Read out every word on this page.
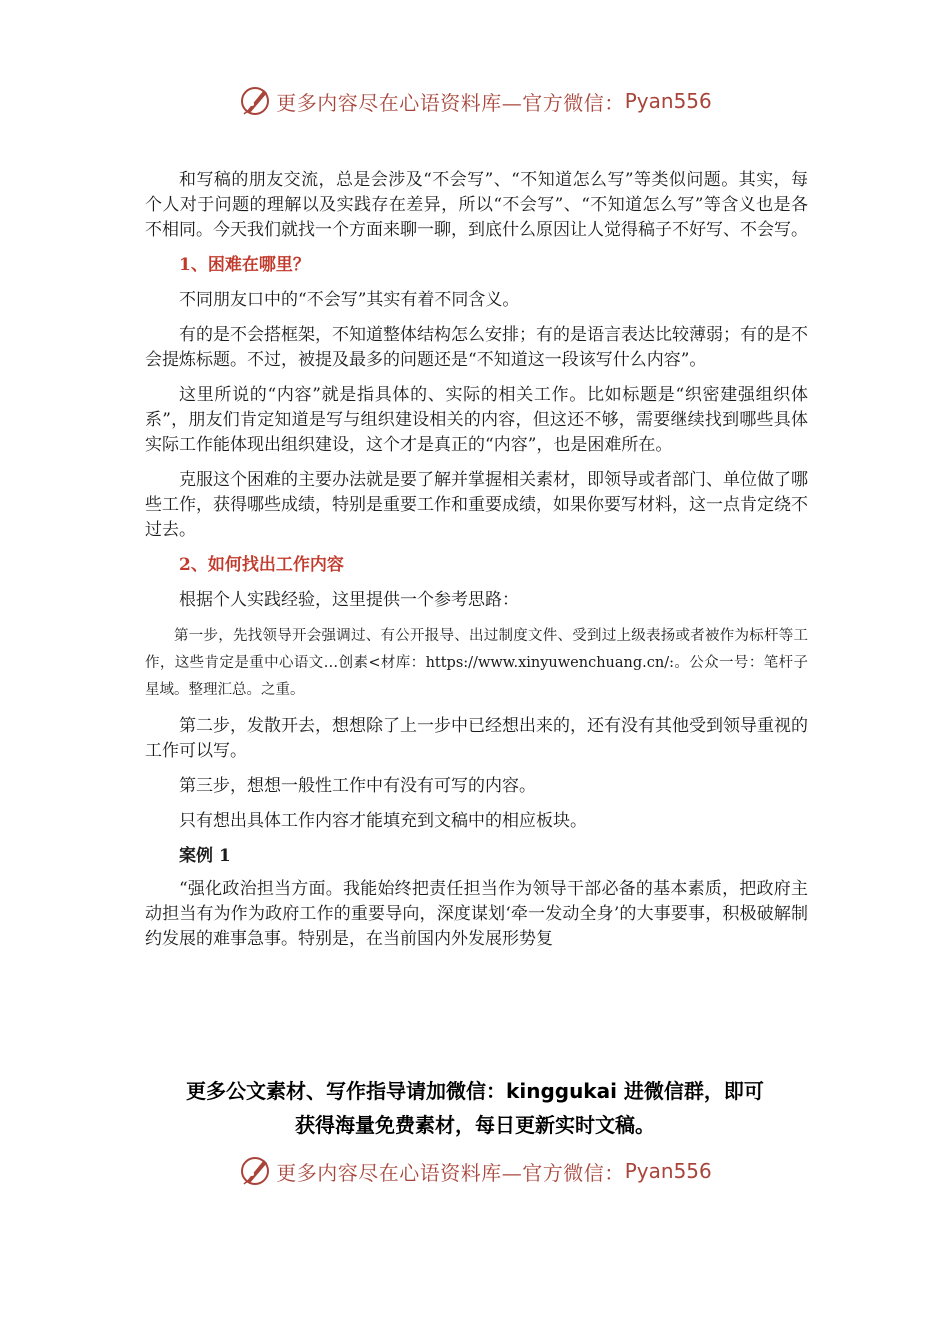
更多内容尽在心语资料库—官方微信： Pyan556

和写稿的朋友交流，总是会涉及“不会写”、“不知道怎么写”等类似问题。其实，每个人对于问题的理解以及实践存在差异，所以“不会写”、“不知道怎么写”等含义也是各不相同。今天我们就找一个方面来聊一聊，到底什么原因让人觉得稿子不好写、不会写。

1、困难在哪里？

不同朋友口中的“不会写”其实有着不同含义。

有的是不会搭框架，不知道整体结构怎么安排；有的是语言表达比较薄弱；有的是不会提炼标题。不过，被提及最多的问题还是“不知道这一段该写什么内容”。

这里所说的“内容”就是指具体的、实际的相关工作。比如标题是“织密建强组织体系”，朋友们肯定知道是写与组织建设相关的内容，但这还不够，需要继续找到哪些具体实际工作能体现出组织建设，这个才是真正的“内容”，也是困难所在。

克服这个困难的主要办法就是要了解并掌握相关素材，即领导或者部门、单位做了哪些工作，获得哪些成绩，特别是重要工作和重要成绩，如果你要写材料，这一点肯定绕不过去。

2、如何找出工作内容

根据个人实践经验，这里提供一个参考思路：

第一步，先找领导开会强调过、有公开报导、出过制度文件、受到过上级表扬或者被作为标杆等工作，这些肯定是重中心语文…创素<材库：https://www.xinyuwenchuang.cn/:。公众一号：笔杆子星域。整理汇总。之重。

第二步，发散开去，想想除了上一步中已经想出来的，还有没有其他受到领导重视的工作可以写。

第三步，想想一般性工作中有没有可写的内容。

只有想出具体工作内容才能填充到文稿中的相应板块。

案例 1

“强化政治担当方面。我能始终把责任担当作为领导干部必备的基本素质，把政府主动担当有为作为政府工作的重要导向，深度谋划‘牵一发动全身’的大事要事，积极破解制约发展的难事急事。特别是，在当前国内外发展形势复

更多公文素材、写作指导请加微信：kinggukai 进微信群，即可
获得海量免费素材，每日更新实时文稿。
更多内容尽在心语资料库—官方微信： Pyan556
